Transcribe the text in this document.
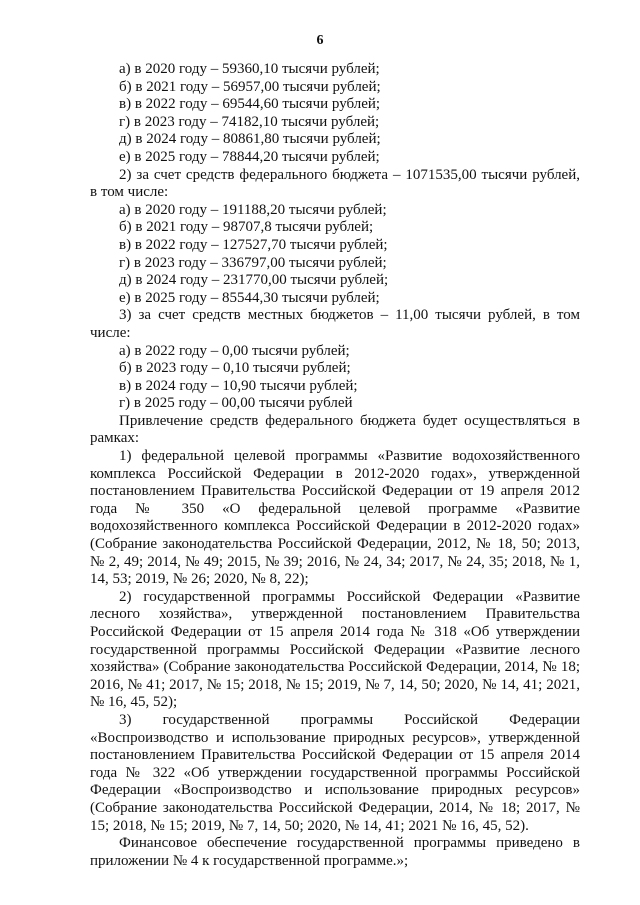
6
а) в 2020 году – 59360,10 тысячи рублей;
б) в 2021 году – 56957,00 тысячи рублей;
в) в 2022 году – 69544,60 тысячи рублей;
г) в 2023 году – 74182,10 тысячи рублей;
д) в 2024 году – 80861,80 тысячи рублей;
е) в 2025 году – 78844,20 тысячи рублей;
2) за счет средств федерального бюджета – 1071535,00 тысячи рублей, в том числе:
а) в 2020 году – 191188,20 тысячи рублей;
б) в 2021 году – 98707,8 тысячи рублей;
в) в 2022 году – 127527,70 тысячи рублей;
г) в 2023 году – 336797,00 тысячи рублей;
д) в 2024 году – 231770,00 тысячи рублей;
е) в 2025 году – 85544,30 тысячи рублей;
3) за счет средств местных бюджетов – 11,00 тысячи рублей, в том числе:
а) в 2022 году – 0,00 тысячи рублей;
б) в 2023 году – 0,10 тысячи рублей;
в) в 2024 году – 10,90 тысячи рублей;
г) в 2025 году – 00,00 тысячи рублей
Привлечение средств федерального бюджета будет осуществляться в рамках:
1) федеральной целевой программы «Развитие водохозяйственного комплекса Российской Федерации в 2012-2020 годах», утвержденной постановлением Правительства Российской Федерации от 19 апреля 2012 года № 350 «О федеральной целевой программе «Развитие водохозяйственного комплекса Российской Федерации в 2012-2020 годах» (Собрание законодательства Российской Федерации, 2012, № 18, 50; 2013, № 2, 49; 2014, № 49; 2015, № 39; 2016, № 24, 34; 2017, № 24, 35; 2018, № 1, 14, 53; 2019, № 26; 2020, № 8, 22);
2) государственной программы Российской Федерации «Развитие лесного хозяйства», утвержденной постановлением Правительства Российской Федерации от 15 апреля 2014 года № 318 «Об утверждении государственной программы Российской Федерации «Развитие лесного хозяйства» (Собрание законодательства Российской Федерации, 2014, № 18; 2016, № 41; 2017, № 15; 2018, № 15; 2019, № 7, 14, 50; 2020, № 14, 41; 2021, № 16, 45, 52);
3) государственной программы Российской Федерации «Воспроизводство и использование природных ресурсов», утвержденной постановлением Правительства Российской Федерации от 15 апреля 2014 года № 322 «Об утверждении государственной программы Российской Федерации «Воспроизводство и использование природных ресурсов» (Собрание законодательства Российской Федерации, 2014, № 18; 2017, № 15; 2018, № 15; 2019, № 7, 14, 50; 2020, № 14, 41; 2021 № 16, 45, 52).
Финансовое обеспечение государственной программы приведено в приложении № 4 к государственной программе.»;
